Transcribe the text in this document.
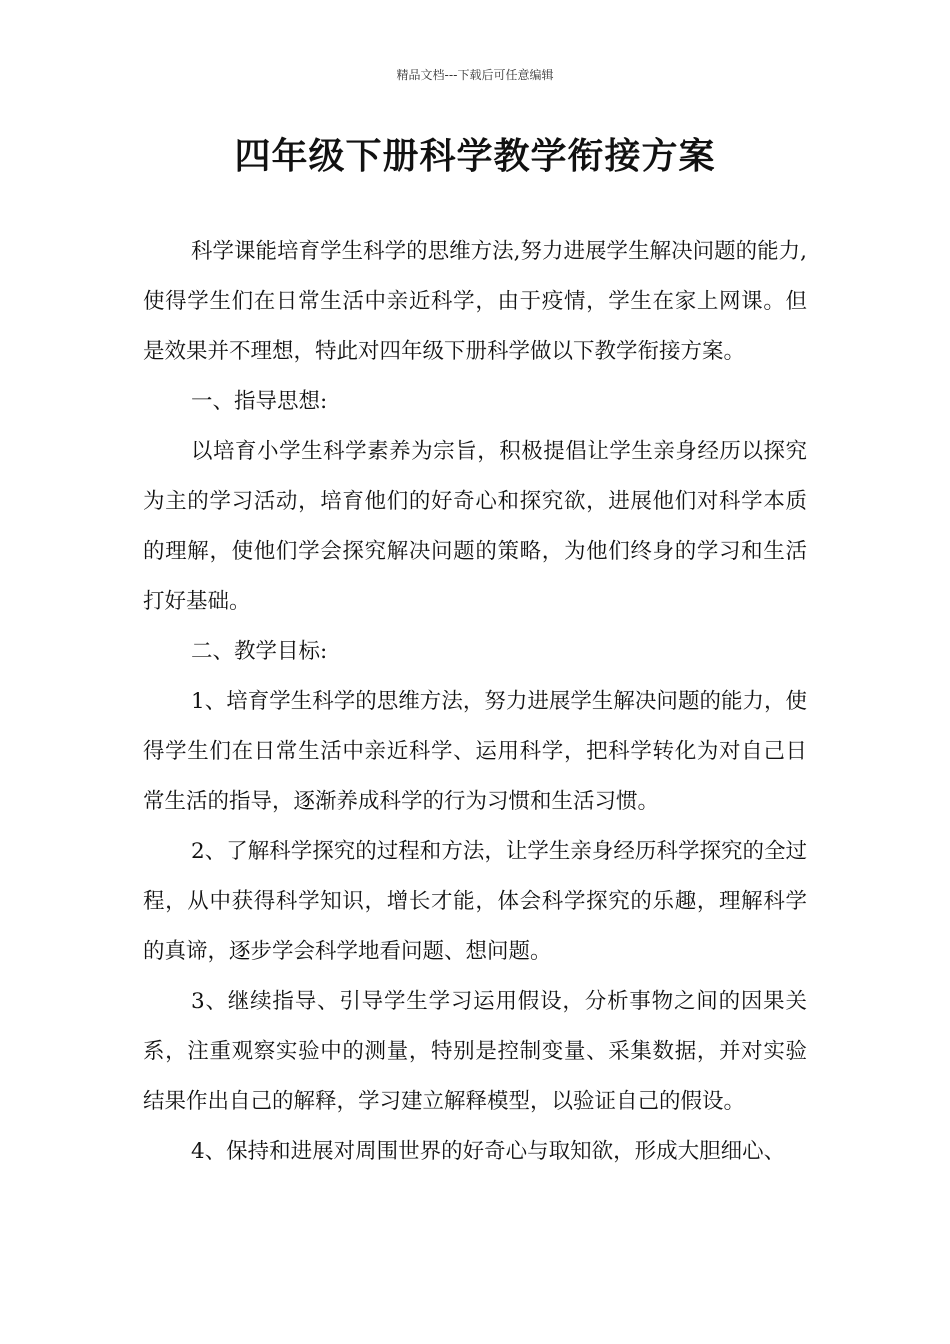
精品文档---下载后可任意编辑
四年级下册科学教学衔接方案

科学课能培育学生科学的思维方法,努力进展学生解决问题的能力,使得学生们在日常生活中亲近科学，由于疫情，学生在家上网课。但是效果并不理想，特此对四年级下册科学做以下教学衔接方案。

一、指导思想:

以培育小学生科学素养为宗旨，积极提倡让学生亲身经历以探究为主的学习活动，培育他们的好奇心和探究欲，进展他们对科学本质的理解，使他们学会探究解决问题的策略，为他们终身的学习和生活打好基础。

二、教学目标:

1、培育学生科学的思维方法，努力进展学生解决问题的能力，使得学生们在日常生活中亲近科学、运用科学，把科学转化为对自己日常生活的指导，逐渐养成科学的行为习惯和生活习惯。

2、了解科学探究的过程和方法，让学生亲身经历科学探究的全过程，从中获得科学知识，增长才能，体会科学探究的乐趣，理解科学的真谛，逐步学会科学地看问题、想问题。

3、继续指导、引导学生学习运用假设，分析事物之间的因果关系，注重观察实验中的测量，特别是控制变量、采集数据，并对实验结果作出自己的解释，学习建立解释模型，以验证自己的假设。

4、保持和进展对周围世界的好奇心与取知欲，形成大胆细心、
